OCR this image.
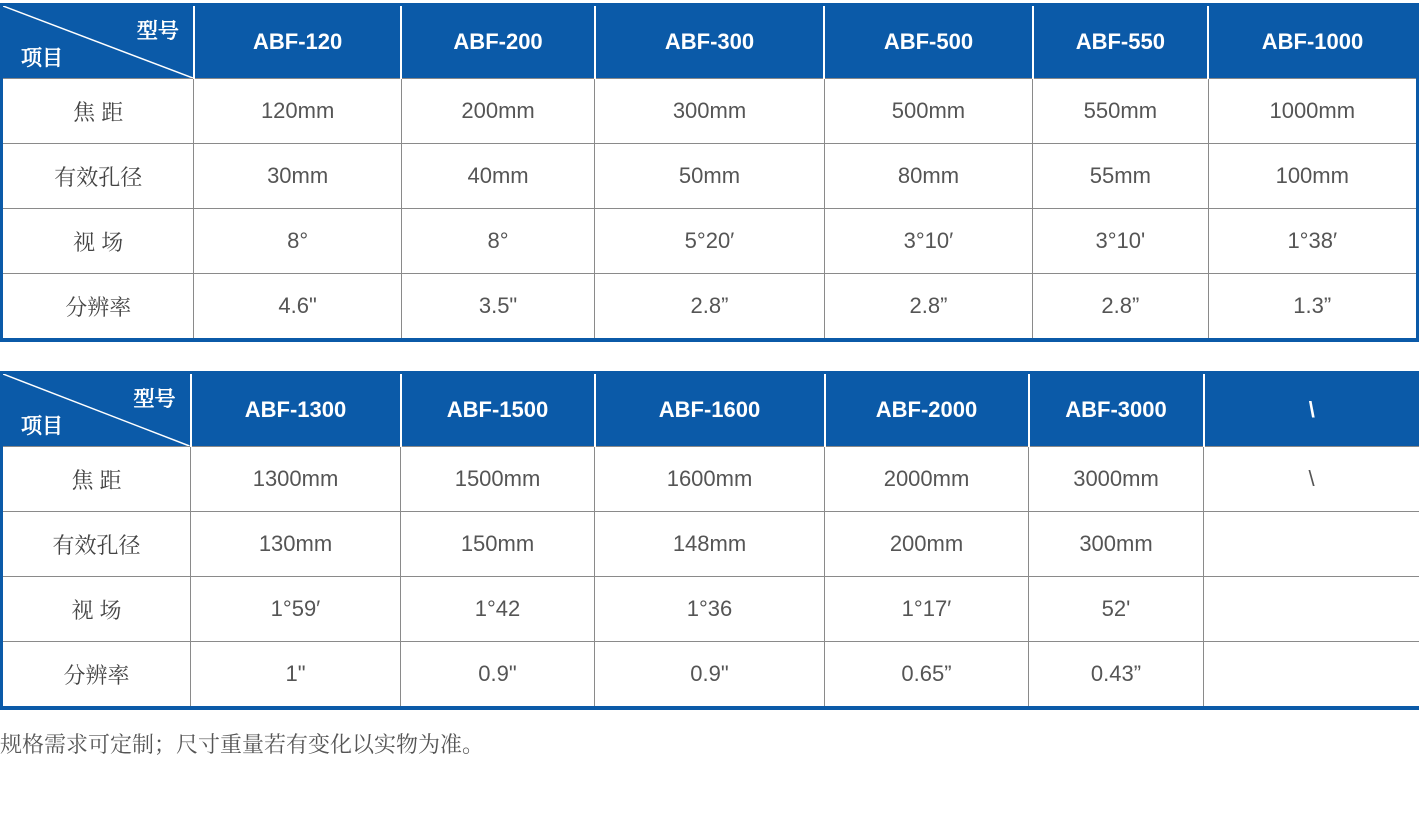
型号
项目	ABF-120	ABF-200	ABF-300	ABF-500	ABF-550	ABF-1000
焦 距	120mm	200mm	300mm	500mm	550mm	1000mm
有效孔径	30mm	40mm	50mm	80mm	55mm	100mm
视 场	8°	8°	5°20′	3°10′	3°10'	1°38′
分辨率	4.6"	3.5"	2.8”	2.8”	2.8”	1.3”
型号
项目	ABF-1300	ABF-1500	ABF-1600	ABF-2000	ABF-3000	\
焦 距	1300mm	1500mm	1600mm	2000mm	3000mm	\
有效孔径	130mm	150mm	148mm	200mm	300mm	
视 场	1°59′	1°42	1°36	1°17′	52'	
分辨率	1"	0.9"	0.9"	0.65”	0.43”	
规格需求可定制；尺寸重量若有变化以实物为准。
